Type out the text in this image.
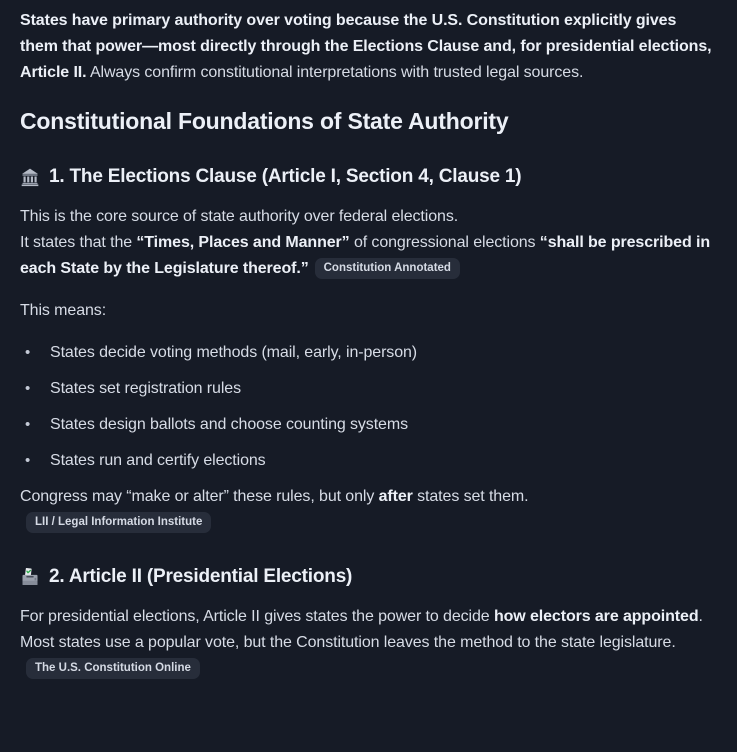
States have primary authority over voting because the U.S. Constitution explicitly gives them that power—most directly through the Elections Clause and, for presidential elections, Article II. Always confirm constitutional interpretations with trusted legal sources.

Constitutional Foundations of State Authority
1. The Elections Clause (Article I, Section 4, Clause 1)

This is the core source of state authority over federal elections.
It states that the “Times, Places and Manner” of congressional elections “shall be prescribed in each State by the Legislature thereof.” Constitution Annotated

This means:

• States decide voting methods (mail, early, in-person)
• States set registration rules
• States design ballots and choose counting systems
• States run and certify elections

Congress may “make or alter” these rules, but only after states set them.
LII / Legal Information Institute

2. Article II (Presidential Elections)

For presidential elections, Article II gives states the power to decide how electors are appointed.
Most states use a popular vote, but the Constitution leaves the method to the state legislature.The U.S. Constitution Online
